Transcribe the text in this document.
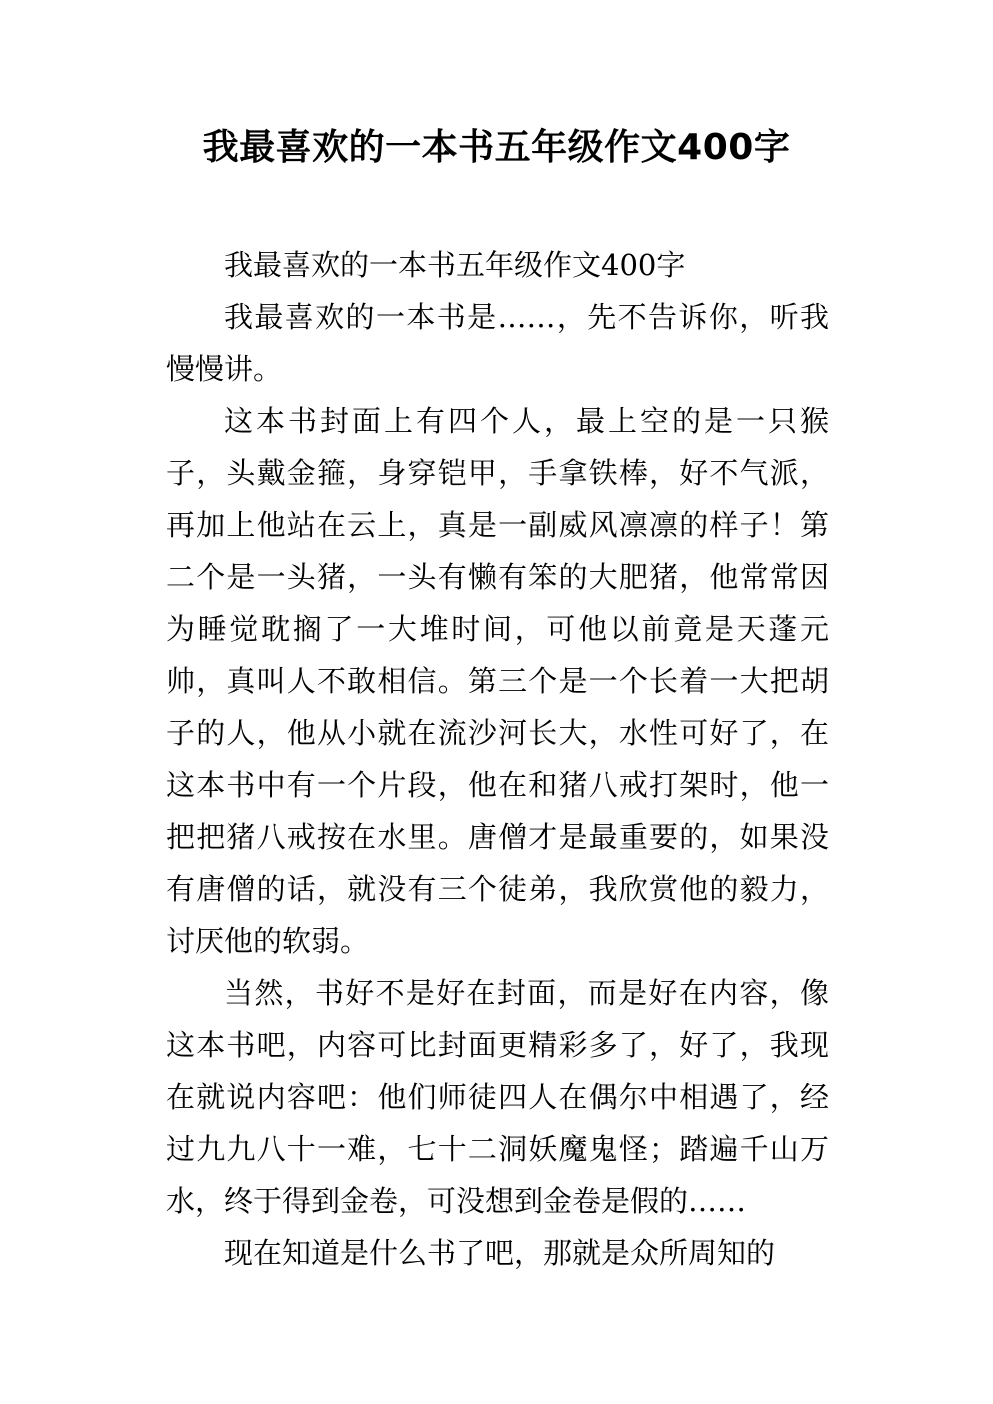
我最喜欢的一本书五年级作文400字

我最喜欢的一本书五年级作文400字

我最喜欢的一本书是……，先不告诉你，听我慢慢讲。

这本书封面上有四个人，最上空的是一只猴子，头戴金箍，身穿铠甲，手拿铁棒，好不气派，再加上他站在云上，真是一副威风凛凛的样子！第二个是一头猪，一头有懒有笨的大肥猪，他常常因为睡觉耽搁了一大堆时间，可他以前竟是天蓬元帅，真叫人不敢相信。第三个是一个长着一大把胡子的人，他从小就在流沙河长大，水性可好了，在这本书中有一个片段，他在和猪八戒打架时，他一把把猪八戒按在水里。唐僧才是最重要的，如果没有唐僧的话，就没有三个徒弟，我欣赏他的毅力，讨厌他的软弱。

当然，书好不是好在封面，而是好在内容，像这本书吧，内容可比封面更精彩多了，好了，我现在就说内容吧：他们师徒四人在偶尔中相遇了，经过九九八十一难，七十二洞妖魔鬼怪；踏遍千山万水，终于得到金卷，可没想到金卷是假的……

现在知道是什么书了吧，那就是众所周知的
